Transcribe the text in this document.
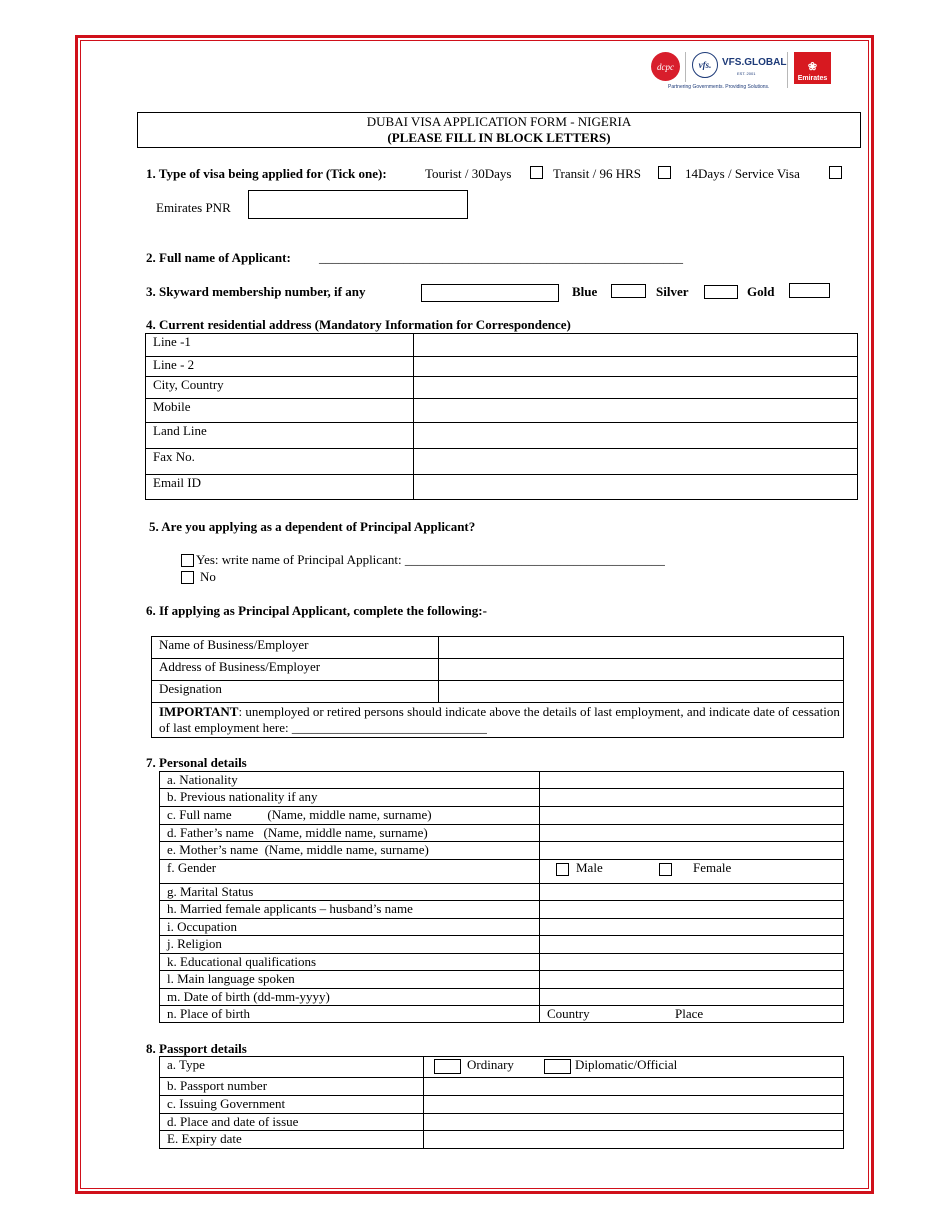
dcpc	vfs. VFS.GLOBAL
EST. 2001
Partnering Governments. Providing Solutions.
❀
Emirates
DUBAI VISA APPLICATION FORM - NIGERIA
(PLEASE FILL IN BLOCK LETTERS)
1. Type of visa being applied for (Tick one):	Tourist / 30Days	Transit / 96 HRS	14Days / Service Visa
Emirates PNR
2. Full name of Applicant: ________________________________________________________
3. Skyward membership number, if any	Blue	Silver	Gold
4. Current residential address (Mandatory Information for Correspondence)
Line -1	
Line - 2	
City, Country	
Mobile	
Land Line	
Fax No.	
Email ID	
5. Are you applying as a dependent of Principal Applicant?
Yes: write name of Principal Applicant: ________________________________________
No
6. If applying as Principal Applicant, complete the following:-
Name of Business/Employer	
Address of Business/Employer	
Designation	
IMPORTANT: unemployed or retired persons should indicate above the details of last employment, and indicate date of cessation of last employment here: ______________________________	
7. Personal details
a. Nationality	
b. Previous nationality if any	
c. Full name           (Name, middle name, surname)	
d. Father’s name   (Name, middle name, surname)	
e. Mother’s name  (Name, middle name, surname)	
f. Gender	Male Female

g. Marital Status	
h. Married female applicants – husband’s name	
i. Occupation	
j. Religion	
k. Educational qualifications	
l. Main language spoken	
m. Date of birth (dd-mm-yyyy)	
n. Place of birth	Country Place
8. Passport details
a. Type	Ordinary Diplomatic/Official

b. Passport number	
c. Issuing Government	
d. Place and date of issue	
E. Expiry date	
